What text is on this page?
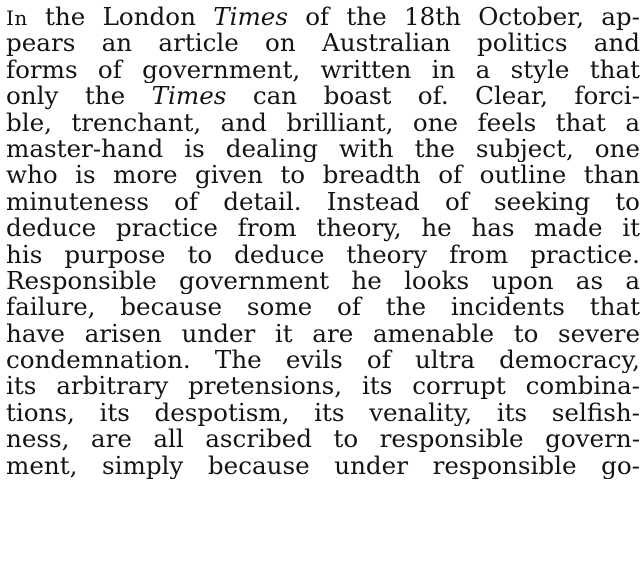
In the London Times of the 18th October, ap-
pears an article on Australian politics and
forms of government, written in a style that
only the Times can boast of. Clear, forci-
ble, trenchant, and brilliant, one feels that a
master-hand is dealing with the subject, one
who is more given to breadth of outline than
minuteness of detail. Instead of seeking to
deduce practice from theory, he has made it
his purpose to deduce theory from practice.
Responsible government he looks upon as a
failure, because some of the incidents that
have arisen under it are amenable to severe
condemnation. The evils of ultra democracy,
its arbitrary pretensions, its corrupt combina-
tions, its despotism, its venality, its selfish-
ness, are all ascribed to responsible govern-
ment, simply because under responsible go-
